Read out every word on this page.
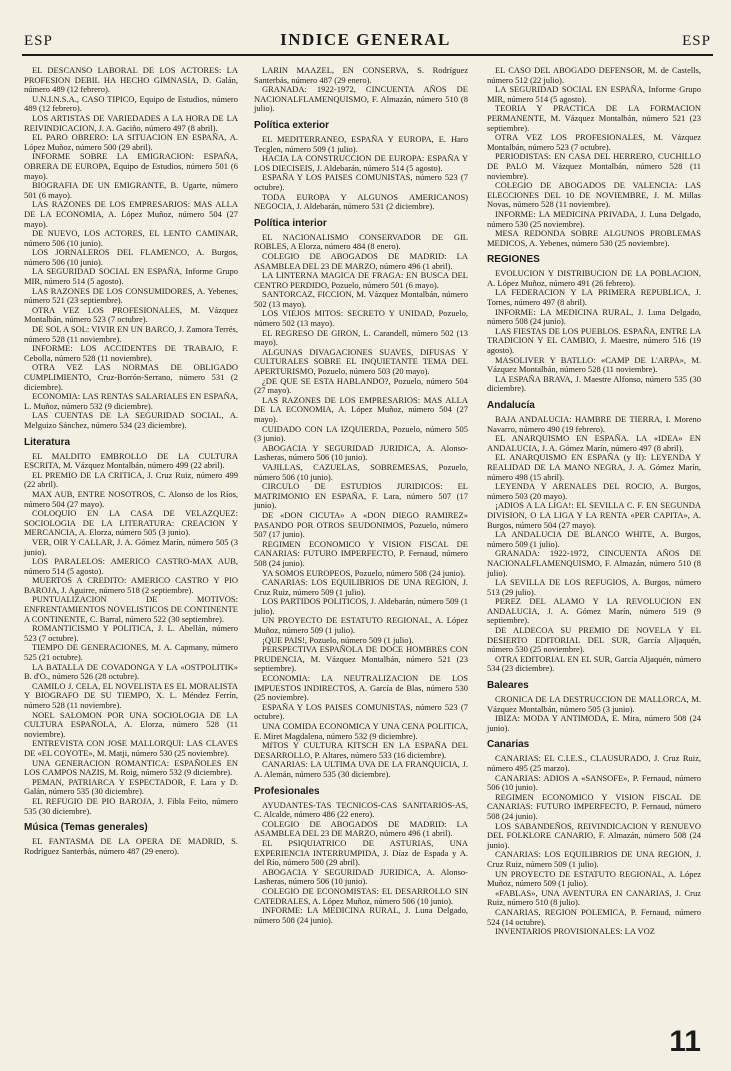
ESP	INDICE GENERAL	ESP

EL DESCANSO LABORAL DE LOS ACTORES: LA PROFESION DEBIL HA HECHO GIMNASIA, D. Galán, número 489 (12 febrero).

U.N.I.N.S.A., CASO TIPICO, Equipo de Estudios, número 489 (12 febrero).

LOS ARTISTAS DE VARIEDADES A LA HORA DE LA REIVINDICACION, J. A. Gaciño, número 497 (8 abril).

EL PARO OBRERO: LA SITUACION EN ESPAÑA, A. López Muñoz, número 500 (29 abril).

INFORME SOBRE LA EMIGRACION: ESPAÑA, OBRERA DE EUROPA, Equipo de Estudios, número 501 (6 mayo).

BIOGRAFIA DE UN EMIGRANTE, B. Ugarte, número 501 (6 mayo).

LAS RAZONES DE LOS EMPRESARIOS: MAS ALLA DE LA ECONOMIA, A. López Muñoz, número 504 (27 mayo).

DE NUEVO, LOS ACTORES, EL LENTO CAMINAR, número 506 (10 junio).

LOS JORNALEROS DEL FLAMENCO, A. Burgos, número 506 (10 junio).

LA SEGURIDAD SOCIAL EN ESPAÑA, Informe Grupo MIR, número 514 (5 agosto).

LAS RAZONES DE LOS CONSUMIDORES, A. Yebenes, número 521 (23 septiembre).

OTRA VEZ LOS PROFESIONALES, M. Vázquez Montalbán, número 523 (7 octubre).

DE SOL A SOL: VIVIR EN UN BARCO, J. Zamora Terrés, número 528 (11 noviembre).

INFORME: LOS ACCIDENTES DE TRABAJO, F. Cebolla, número 528 (11 noviembre).

OTRA VEZ LAS NORMAS DE OBLIGADO CUMPLIMIENTO, Cruz-Borrón-Serrano, número 531 (2 diciembre).

ECONOMIA: LAS RENTAS SALARIALES EN ESPAÑA, L. Muñoz, número 532 (9 diciembre).

LAS CUENTAS DE LA SEGURIDAD SOCIAL, A. Melguizo Sánchez, número 534 (23 diciembre).

Literatura

EL MALDITO EMBROLLO DE LA CULTURA ESCRITA, M. Vázquez Montalbán, número 499 (22 abril).

EL PREMIO DE LA CRITICA, J. Cruz Ruiz, número 499 (22 abril).

MAX AUB, ENTRE NOSOTROS, C. Alonso de los Ríos, número 504 (27 mayo).

COLOQUIO EN LA CASA DE VELAZQUEZ: SOCIOLOGIA DE LA LITERATURA: CREACION Y MERCANCIA, A. Elorza, número 505 (3 junio).

VER, OIR Y CALLAR, J. A. Gómez Marín, número 505 (3 junio).

LOS PARALELOS: AMERICO CASTRO-MAX AUB, número 514 (5 agosto).

MUERTOS A CREDITO: AMERICO CASTRO Y PIO BAROJA, J. Aguirre, número 518 (2 septiembre).

PUNTUALIZACION DE MOTIVOS: ENFRENTAMIENTOS NOVELISTICOS DE CONTINENTE A CONTINENTE, C. Barral, número 522 (30 septiembre).

ROMANTICISMO Y POLITICA, J. L. Abellán, número 523 (7 octubre).

TIEMPO DE GENERACIONES, M. A. Capmany, número 525 (21 octubre).

LA BATALLA DE COVADONGA Y LA «OSTPOLITIK» B. d'O., número 526 (28 octubre).

CAMILO J. CELA, EL NOVELISTA ES EL MORALISTA Y BIOGRAFO DE SU TIEMPO, X. L. Méndez Ferrín, número 528 (11 noviembre).

NOEL SALOMON POR UNA SOCIOLOGIA DE LA CULTURA ESPAÑOLA, A. Elorza, número 528 (11 noviembre).

ENTREVISTA CON JOSE MALLORQUI: LAS CLAVES DE «EL COYOTE», M. Matji, número 530 (25 noviembre).

UNA GENERACION ROMANTICA: ESPAÑOLES EN LOS CAMPOS NAZIS, M. Roig, número 532 (9 diciembre).

PEMAN, PATRIARCA Y ESPECTADOR, F. Lara y D. Galán, número 535 (30 diciembre).

EL REFUGIO DE PIO BAROJA, J. Fibla Feito, número 535 (30 diciembre).

Música (Temas generales)

EL FANTASMA DE LA OPERA DE MADRID, S. Rodríguez Santerbás, número 487 (29 enero).

LARIN MAAZEL, EN CONSERVA, S. Rodríguez Santerbás, número 487 (29 enero).

GRANADA: 1922-1972, CINCUENTA AÑOS DE NACIONALFLAMENQUISMO, F. Almazán, número 510 (8 julio).

Política exterior

EL MEDITERRANEO, ESPAÑA Y EUROPA, E. Haro Tecglen, número 509 (1 julio).

HACIA LA CONSTRUCCION DE EUROPA: ESPAÑA Y LOS DIECISEIS, J. Aldebarán, número 514 (5 agosto).

ESPAÑA Y LOS PAISES COMUNISTAS, número 523 (7 octubre).

TODA EUROPA Y ALGUNOS AMERICANOS) NEGOCIA, J. Aldebarán, número 531 (2 diciembre).

Política interior

EL NACIONALISMO CONSERVADOR DE GIL ROBLES, A Elorza, número 484 (8 enero).

COLEGIO DE ABOGADOS DE MADRID: LA ASAMBLEA DEL 23 DE MARZO, número 496 (1 abril).

LA LINTERNA MAGICA DE FRAGA: EN BUSCA DEL CENTRO PERDIDO, Pozuelo, número 501 (6 mayo).

SANTORCAZ, FICCION, M. Vázquez Montalbán, número 502 (13 mayo).

LOS VIEJOS MITOS: SECRETO Y UNIDAD, Pozuelo, número 502 (13 mayo).

EL REGRESO DE GIRON, L. Carandell, número 502 (13 mayo).

ALGUNAS DIVAGACIONES SUAVES, DIFUSAS Y CULTURALES SOBRE EL INQUIETANTE TEMA DEL APERTURISMO, Pozuelo, número 503 (20 mayo).

¿DE QUE SE ESTA HABLANDO?, Pozuelo, número 504 (27 mayo).

LAS RAZONES DE LOS EMPRESARIOS: MAS ALLA DE LA ECONOMIA, A. López Muñoz, número 504 (27 mayo).

CUIDADO CON LA IZQUIERDA, Pozuelo, número 505 (3 junio).

ABOGACIA Y SEGURIDAD JURIDICA, A. Alonso-Lasheras, número 506 (10 junio).

VAJILLAS, CAZUELAS, SOBREMESAS, Pozuelo, número 506 (10 junio).

CIRCULO DE ESTUDIOS JURIDICOS: EL MATRIMONIO EN ESPAÑA, F. Lara, número 507 (17 junio).

DE «DON CICUTA» A «DON DIEGO RAMIREZ» PASANDO POR OTROS SEUDONIMOS, Pozuelo, número 507 (17 junio).

REGIMEN ECONOMICO Y VISION FISCAL DE CANARIAS: FUTURO IMPERFECTO, P. Fernaud, número 508 (24 junio).

YA SOMOS EUROPEOS, Pozuelo, número 508 (24 junio).

CANARIAS: LOS EQUILIBRIOS DE UNA REGION, J. Cruz Ruiz, número 509 (1 julio).

LOS PARTIDOS POLITICOS, J. Aldebarán, número 509 (1 julio).

UN PROYECTO DE ESTATUTO REGIONAL, A. López Muñoz, número 509 (1 julio).

¡QUE PAIS!, Pozuelo, número 509 (1 julio).

PERSPECTIVA ESPAÑOLA DE DOCE HOMBRES CON PRUDENCIA, M. Vázquez Montalbán, número 521 (23 septiembre).

ECONOMIA: LA NEUTRALIZACION DE LOS IMPUESTOS INDIRECTOS, A. García de Blas, número 530 (25 noviembre).

ESPAÑA Y LOS PAISES COMUNISTAS, número 523 (7 octubre).

UNA COMIDA ECONOMICA Y UNA CENA POLITICA, E. Miret Magdalena, número 532 (9 diciembre).

MITOS Y CULTURA KITSCH EN LA ESPAÑA DEL DESARROLLO, P. Altares, número 533 (16 diciembre).

CANARIAS: LA ULTIMA UVA DE LA FRANQUICIA, J. A. Alemán, número 535 (30 diciembre).

Profesionales

AYUDANTES-TAS TECNICOS-CAS SANITARIOS-AS, C. Alcalde, número 486 (22 enero).

COLEGIO DE ABOGADOS DE MADRID: LA ASAMBLEA DEL 23 DE MARZO, número 496 (1 abril).

EL PSIQUIATRICO DE ASTURIAS, UNA EXPERIENCIA INTERRUMPIDA, J. Díaz de Espada y A. del Río, número 500 (29 abril).

ABOGACIA Y SEGURIDAD JURIDICA, A. Alonso-Lasheras, número 506 (10 junio).

COLEGIO DE ECONOMISTAS: EL DESARROLLO SIN CATEDRALES, A. López Muñoz, número 506 (10 junio).

INFORME: LA MEDICINA RURAL, J. Luna Delgado, número 508 (24 junio).

EL CASO DEL ABOGADO DEFENSOR, M. de Castells, número 512 (22 julio).

LA SEGURIDAD SOCIAL EN ESPAÑA, Informe Grupo MIR, número 514 (5 agosto).

TEORIA Y PRACTICA DE LA FORMACION PERMANENTE, M. Vázquez Montalbán, número 521 (23 septiembre).

OTRA VEZ LOS PROFESIONALES, M. Vázquez Montalbán, número 523 (7 octubre).

PERIODISTAS: EN CASA DEL HERRERO, CUCHILLO DE PALO M. Vázquez Montalbán, número 528 (11 noviembre).

COLEGIO DE ABOGADOS DE VALENCIA: LAS ELECCIONES DEL 10 DE NOVIEMBRE, J. M. Millas Novas, número 528 (11 noviembre).

INFORME: LA MEDICINA PRIVADA, J. Luna Delgado, número 530 (25 noviembre).

MESA REDONDA SOBRE ALGUNOS PROBLEMAS MEDICOS, A. Yebenes, número 530 (25 noviembre).

REGIONES

EVOLUCION Y DISTRIBUCION DE LA POBLACION, A. López Muñoz, número 491 (26 febrero).

LA FEDERACION Y LA PRIMERA REPUBLICA, J. Tornes, número 497 (8 abril).

INFORME: LA MEDICINA RURAL, J. Luna Delgado, número 508 (24 junio).

LAS FIESTAS DE LOS PUEBLOS. ESPAÑA, ENTRE LA TRADICION Y EL CAMBIO, J. Maestre, número 516 (19 agosto).

MASOLIVER Y BATLLO: «CAMP DE L'ARPA», M. Vázquez Montalbán, número 528 (11 noviembre).

LA ESPAÑA BRAVA, J. Maestre Alfonso, número 535 (30 diciembre).

Andalucía

BAJA ANDALUCIA: HAMBRE DE TIERRA, I. Moreno Navarro, número 490 (19 febrero).

EL ANARQUISMO EN ESPAÑA. LA «IDEA» EN ANDALUCIA, J. A. Gómez Marín, número 497 (8 abril).

EL ANARQUISMO EN ESPAÑA (y II): LEYENDA Y REALIDAD DE LA MANO NEGRA, J. A. Gómez Marín, número 498 (15 abril).

LEYENDA Y ARENALES DEL ROCIO, A. Burgos, número 503 (20 mayo).

¡ADIOS A LA LIGA!: EL SEVILLA C. F. EN SEGUNDA DIVISION, O LA LIGA Y LA RENTA «PER CAPITA», A. Burgos, número 504 (27 mayo).

LA ANDALUCIA DE BLANCO WHITE, A. Burgos, número 509 (1 julio).

GRANADA: 1922-1972, CINCUENTA AÑOS DE NACIONALFLAMENQUISMO, F. Almazán, número 510 (8 julio).

LA SEVILLA DE LOS REFUGIOS, A. Burgos, número 513 (29 julio).

PEREZ DEL ALAMO Y LA REVOLUCION EN ANDALUCIA, J. A. Gómez Marín, número 519 (9 septiembre).

DE ALDECOA SU PREMIO DE NOVELA Y EL DESIERTO EDITORIAL DEL SUR, García Aljaquén, número 530 (25 noviembre).

OTRA EDITORIAL EN EL SUR, García Aljaquén, número 534 (23 diciembre).

Baleares

CRONICA DE LA DESTRUCCION DE MALLORCA, M. Vázquez Montalbán, número 505 (3 junio).

IBIZA: MODA Y ANTIMODA, E. Mira, número 508 (24 junio).

Canarias

CANARIAS: EL C.I.E.S., CLAUSURADO, J. Cruz Ruiz, número 495 (25 marzo).

CANARIAS: ADIOS A «SANSOFE», P. Fernaud, número 506 (10 junio).

REGIMEN ECONOMICO Y VISION FISCAL DE CANARIAS: FUTURO IMPERFECTO, P. Fernaud, número 508 (24 junio).

LOS SABANDEÑOS, REIVINDICACION Y RENUEVO DEL FOLKLORE CANARIO, F. Almazán, número 508 (24 junio).

CANARIAS: LOS EQUILIBRIOS DE UNA REGION, J. Cruz Ruiz, número 509 (1 julio).

UN PROYECTO DE ESTATUTO REGIONAL, A. López Muñoz, número 509 (1 julio).

«FABLAS», UNA AVENTURA EN CANARIAS, J. Cruz Ruiz, número 510 (8 julio).

CANARIAS, REGION POLEMICA, P. Fernaud, número 524 (14 octubre).

INVENTARIOS PROVISIONALES: LA VOZ

11
